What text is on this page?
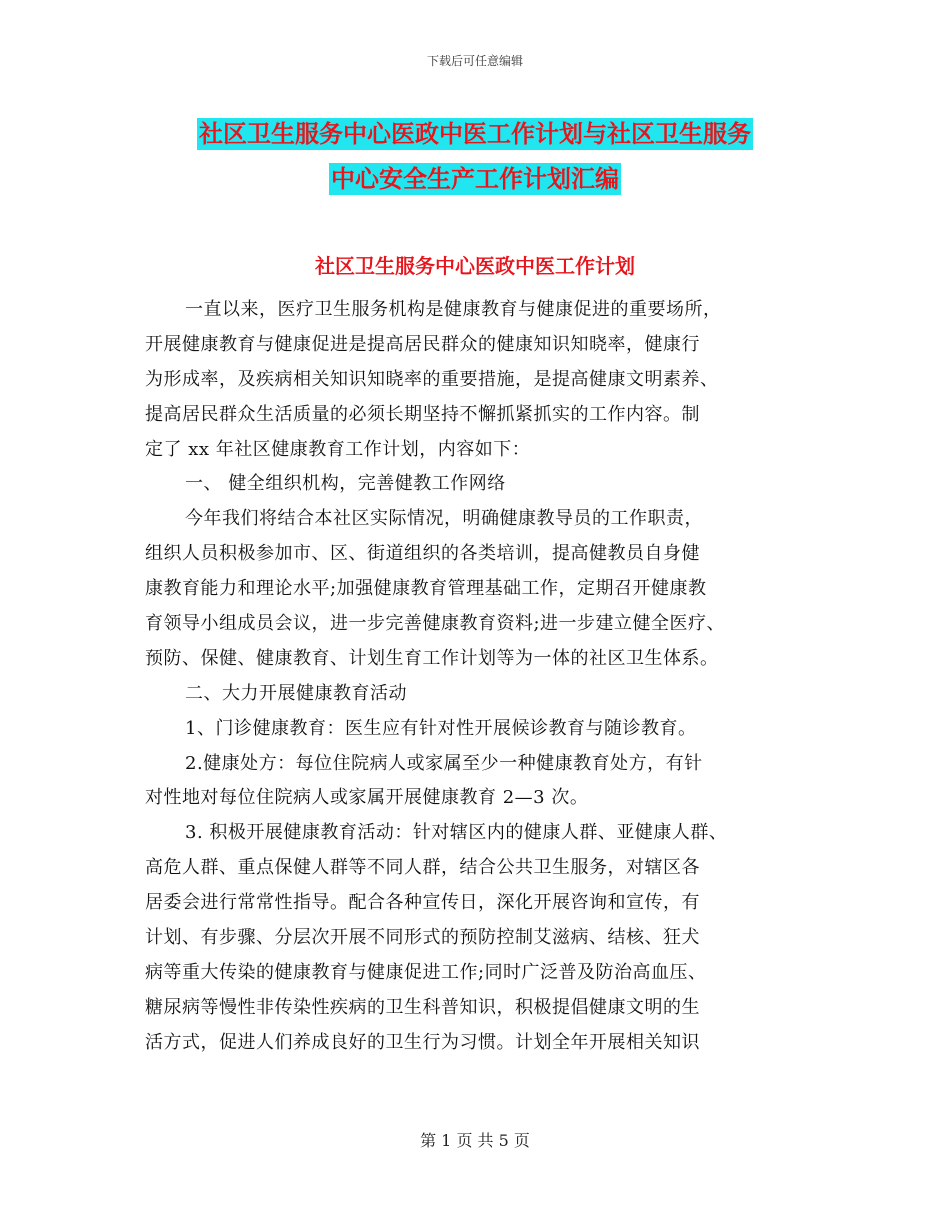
下载后可任意编辑
社区卫生服务中心医政中医工作计划与社区卫生服务
中心安全生产工作计划汇编
社区卫生服务中心医政中医工作计划
一直以来，医疗卫生服务机构是健康教育与健康促进的重要场所，
开展健康教育与健康促进是提高居民群众的健康知识知晓率，健康行
为形成率，及疾病相关知识知晓率的重要措施，是提高健康文明素养、
提高居民群众生活质量的必须长期坚持不懈抓紧抓实的工作内容。制
定了 xx 年社区健康教育工作计划，内容如下：
一、 健全组织机构，完善健教工作网络
今年我们将结合本社区实际情况，明确健康教导员的工作职责，
组织人员积极参加市、区、街道组织的各类培训，提高健教员自身健
康教育能力和理论水平;加强健康教育管理基础工作，定期召开健康教
育领导小组成员会议，进一步完善健康教育资料;进一步建立健全医疗、
预防、保健、健康教育、计划生育工作计划等为一体的社区卫生体系。
二、大力开展健康教育活动
1、门诊健康教育：医生应有针对性开展候诊教育与随诊教育。
2.健康处方：每位住院病人或家属至少一种健康教育处方，有针
对性地对每位住院病人或家属开展健康教育 2—3 次。
3. 积极开展健康教育活动：针对辖区内的健康人群、亚健康人群、
高危人群、重点保健人群等不同人群，结合公共卫生服务，对辖区各
居委会进行常常性指导。配合各种宣传日，深化开展咨询和宣传，有
计划、有步骤、分层次开展不同形式的预防控制艾滋病、结核、狂犬
病等重大传染的健康教育与健康促进工作;同时广泛普及防治高血压、
糖尿病等慢性非传染性疾病的卫生科普知识，积极提倡健康文明的生
活方式，促进人们养成良好的卫生行为习惯。计划全年开展相关知识
第 1 页 共 5 页
